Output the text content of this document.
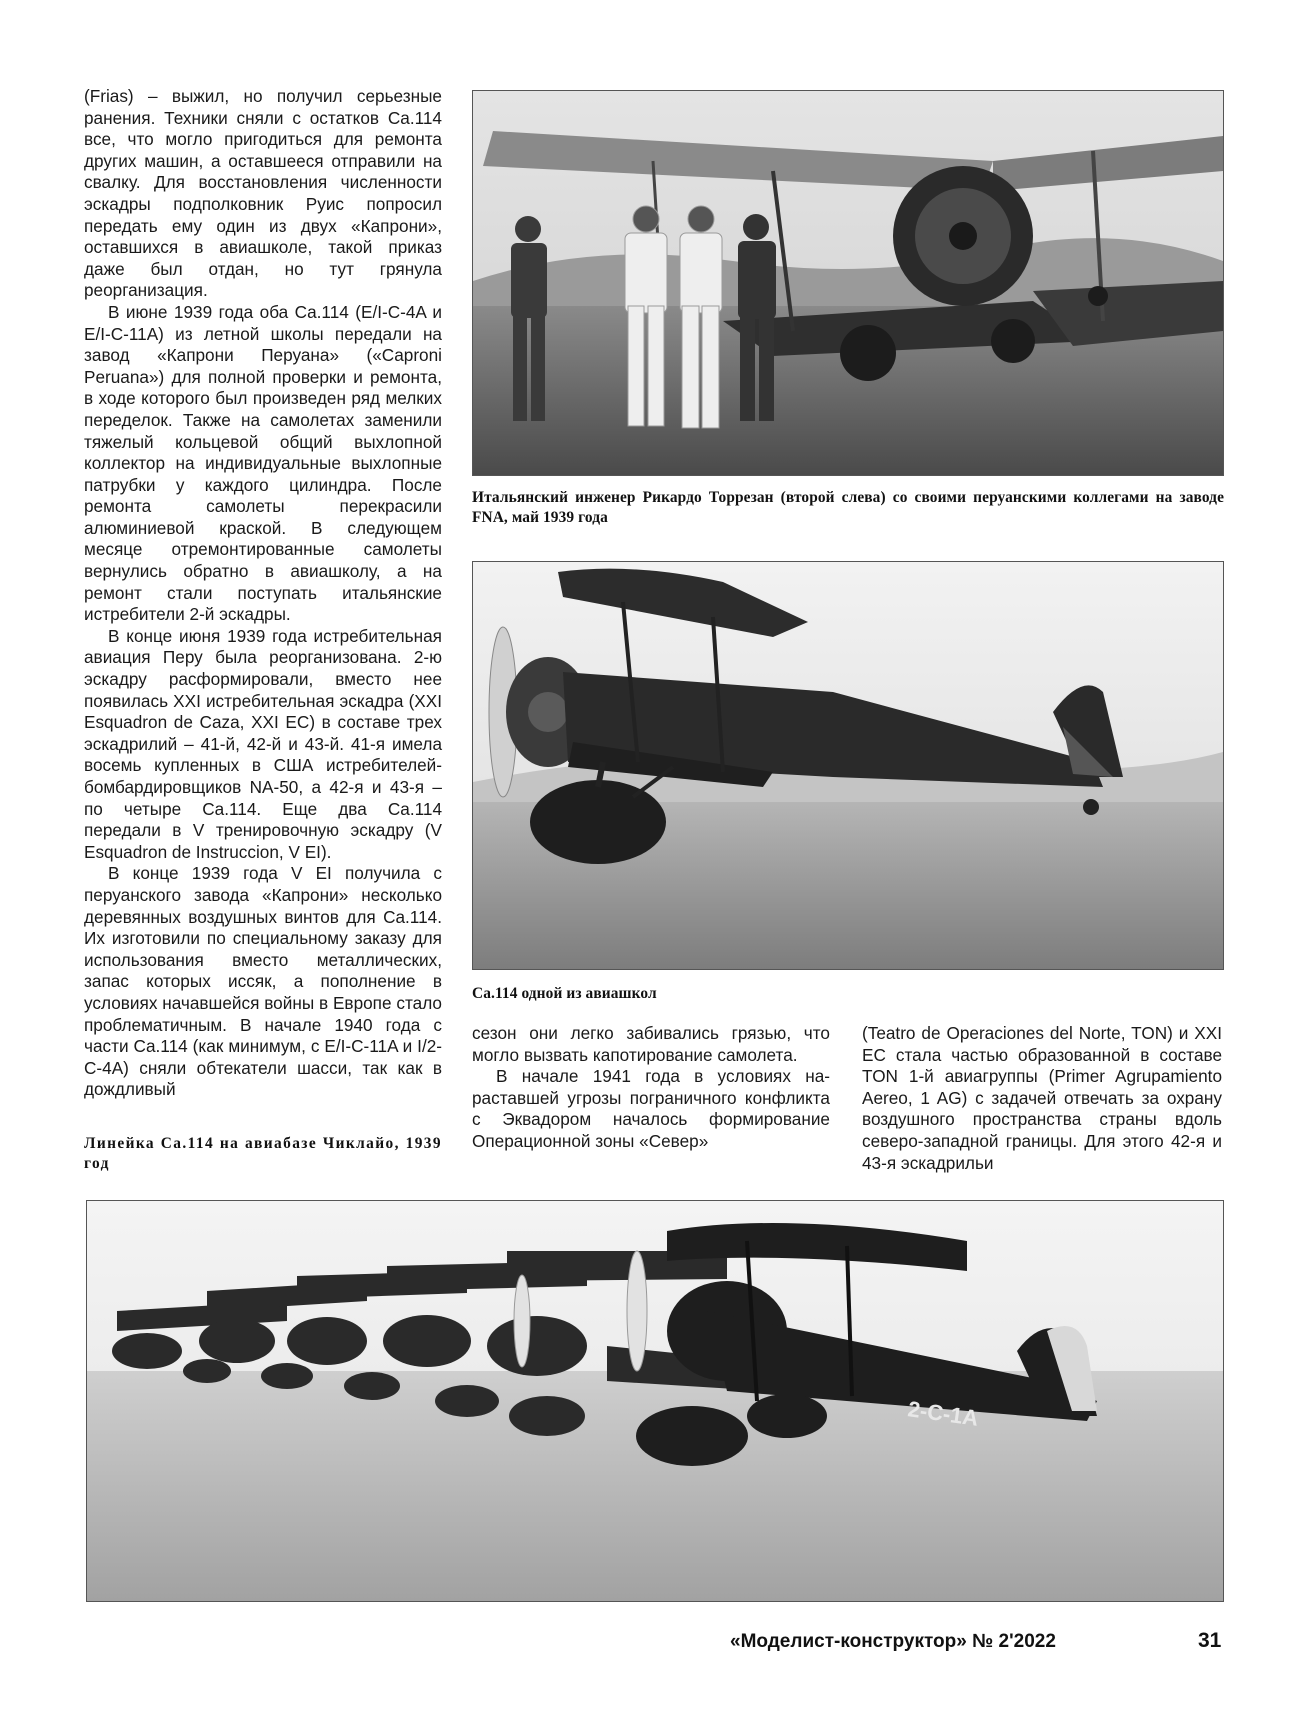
(Frias) – выжил, но получил серьезные ранения. Техники сняли с остатков Ca.114 все, что могло пригодиться для ремонта других машин, а оставшееся отправили на свалку. Для восстановления численности эскадры подполковник Руис попросил передать ему один из двух «Капрони», оставшихся в авиашколе, такой приказ даже был отдан, но тут грянула реорганизация.

В июне 1939 года оба Ca.114 (E/I-C-4A и E/I-C-11A) из летной школы передали на завод «Капрони Перуана» («Caproni Peruana») для полной проверки и ремонта, в ходе которого был произведен ряд мелких переделок. Также на самолетах заменили тяжелый кольцевой общий выхлопной коллектор на индивидуальные выхлопные патрубки у каждого цилиндра. После ремонта самолеты перекрасили алюминиевой краской. В следующем месяце отремонтированные самолеты вернулись обратно в авиашколу, а на ремонт стали поступать итальянские истребители 2-й эскадры.

В конце июня 1939 года истребительная авиация Перу была реорганизована. 2-ю эскадру расформировали, вместо нее появилась XXI истребительная эскадра (XXI Esquadron de Caza, XXI EC) в составе трех эскадрилий – 41-й, 42-й и 43-й. 41-я имела восемь купленных в США истребителей-бомбардировщиков NA-50, а 42-я и 43-я – по четыре Ca.114. Еще два Ca.114 передали в V тренировочную эскадру (V Esquadron de Instruccion, V EI).

В конце 1939 года V EI получила с перуанского завода «Капрони» несколько деревянных воздушных винтов для Ca.114. Их изготовили по специальному заказу для использования вместо металлических, запас которых иссяк, а пополнение в условиях начавшейся войны в Европе стало проблематичным. В начале 1940 года с части Ca.114 (как минимум, с E/I-C-11A и I/2-C-4A) сняли обтекатели шасси, так как в дождливый

Итальянский инженер Рикардо Торрезан (второй слева) со своими перуанскими коллегами на заводе FNA, май 1939 года
Ca.114 одной из авиашкол

сезон они легко забивались грязью, что могло вызвать капотирование самолета.

В начале 1941 года в условиях нараставшей угрозы пограничного конфликта с Эквадором началось формирование Операционной зоны «Север»

(Teatro de Operaciones del Norte, TON) и XXI EC стала частью образованной в составе TON 1-й авиагруппы (Primer Agrupamiento Aereo, 1 AG) с задачей отвечать за охрану воздушного пространства страны вдоль северо-западной границы. Для этого 42-я и 43-я эскадрильи

Линейка Ca.114 на авиабазе Чиклайо, 1939 год
2-C-1A
«Моделист-конструктор» № 2'2022	31
